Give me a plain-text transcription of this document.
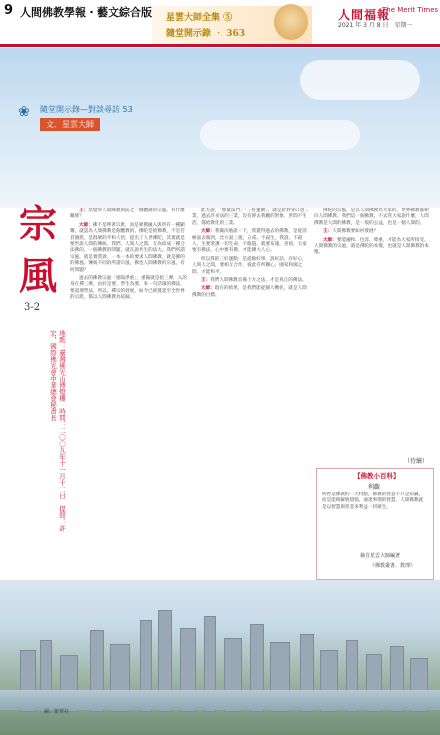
9 人間佛教學報・藝文綜合版 星雲大師全集 ⑤
隨堂開示錄 ‧ 363
人間福報
The Merit Times
2021 年 3 月 8 日　星期一
❀ 隨堂開示錄—對談尋訪 53
文．星雲大師
宗風
3-2
地點：臺灣佛光山傳燈樓　時間：二〇〇九年十一月十二日　提問：許宏，國際佛光會中華總會秘書長

王：您覺得人間佛教與前之一個體制的宗風，有什麼關係？

大師：佛不是伸著宗派，而是眾佛融入與所有一種顯耀，就認為人間佛教是個體教的。佛陀是給佛教，不是若頁個派，是群眾的平和人悟，提出了人世佛陀，其實就是要世說人間的傳統。我們，人與人之間，互為結成一種合法佛的，一個佛教的問題，就在說共生的法大。我們所謂宗風，就是實質義，一本一本的要求人間佛教，就是佛的的佛風。傳統不同的所謂宗風，佛也人間佛教的宗風，有何問題？

過去的佛教宗風「重陽淨重」，重陽就是指三摩，入的身在禪三摩，由於是要、學生為要、來一句活潑的佛法，要道理學法，所以，禪宗的發展，如今已經蔓延至全世界的宗派，都以人間佛教為依歸。

此方說，「無量法門」「三好運動」，就是針對身口意三業，過去許多法的三業，沒有經去我觀的對象，世間不生活，都給教化的三業。

大師：我獨決地說一下，我覺得過去的佛教，是從消極面去做到，比方說三規、五戒、不殺生。我說，不殺人，生要愛護一切生命，不偷盜，就要布施，喜捨，大家要有佛法，心中要有佛，才能擴大人心。

所以我的三好運動，是從做好事、說好話、存好心，人與人之間，要相互合作，彼此有所關心，國家和國之間，才能和平。

王：我們人間佛教具備十方之法，才是真正的佛法。

大師：現在的結果，是我們能從個人轉化，就是人間佛教的目標。

佛陀的宗風，是以人間佛教為大家的，世界佛教都朝向人間佛教。我們這一個佛教，不去管大家說什麼，人間佛教是人間的佛教，是一般的公益，也是一個人間的。

王：人間佛教要如何發展？

大師：要能融和、包容、尊重，才能為大家所接受。人間佛教的宗風，就是佛陀的本懷，也就是人間佛教的本懷。

（待續）
【佛教小百科】
利觀
明智是佛教的一大特點，佛教的智慧不只是知識，而是能夠解脫煩惱、通達事理的智慧，人間佛教就是以智慧與慈悲來利益一切眾生。
摘自星雲大師編著
《佛教叢書．教理》
圖：新華社
